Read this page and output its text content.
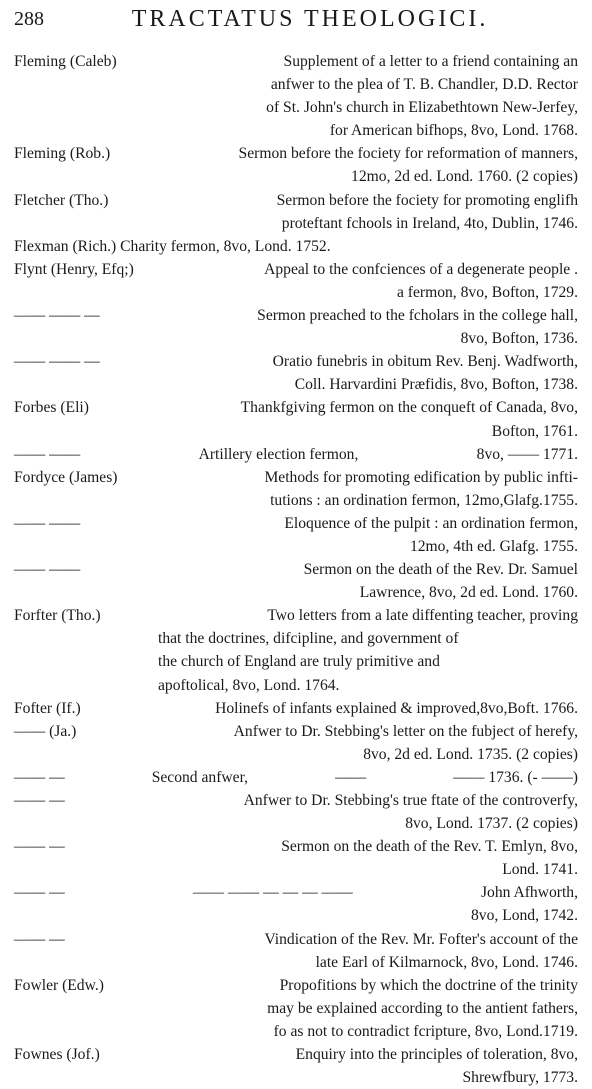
288	TRACTATUS THEOLOGICI.
Fleming (Caleb)	Supplement of a letter to a friend containing an
anfwer to the plea of T. B. Chandler, D.D. Rector
of St. John's church in Elizabethtown New-Jerfey,
for American bifhops, 8vo, Lond. 1768.
Fleming (Rob.)	Sermon before the fociety for reformation of manners,
12mo, 2d ed. Lond. 1760. (2 copies)
Fletcher (Tho.)	Sermon before the fociety for promoting englifh
proteftant fchools in Ireland, 4to, Dublin, 1746.
Flexman (Rich.) Charity fermon, 8vo, Lond. 1752.
Flynt (Henry, Efq;)	Appeal to the confciences of a degenerate people .
a fermon, 8vo, Bofton, 1729.
—— —— —	Sermon preached to the fcholars in the college hall,
8vo, Bofton, 1736.
—— —— —	Oratio funebris in obitum Rev. Benj. Wadfworth,
Coll. Harvardini Præfidis, 8vo, Bofton, 1738.
Forbes (Eli)	Thankfgiving fermon on the conqueft of Canada, 8vo,
Bofton, 1761.
—— ——	Artillery election fermon,	8vo, —— 1771.
Fordyce (James)	Methods for promoting edification by public infti-
tutions : an ordination fermon, 12mo,Glafg.1755.
—— ——	Eloquence of the pulpit : an ordination fermon,
12mo, 4th ed. Glafg. 1755.
—— ——	Sermon on the death of the Rev. Dr. Samuel
Lawrence, 8vo, 2d ed. Lond. 1760.
Forfter (Tho.)	Two letters from a late diffenting teacher, proving
that the doctrines, difcipline, and government of
the church of England are truly primitive and
apoftolical, 8vo, Lond. 1764.
Fofter (If.)	Holinefs of infants explained & improved,8vo,Boft. 1766.
—— (Ja.)	Anfwer to Dr. Stebbing's letter on the fubject of herefy,
8vo, 2d ed. Lond. 1735. (2 copies)
—— —	Second anfwer,	——	—— 1736. (- ——)
—— —	Anfwer to Dr. Stebbing's true ftate of the controverfy,
8vo, Lond. 1737. (2 copies)
—— —	Sermon on the death of the Rev. T. Emlyn, 8vo,
Lond. 1741.
—— —	—— —— — — — ——	John Afhworth,
8vo, Lond, 1742.
—— —	Vindication of the Rev. Mr. Fofter's account of the
late Earl of Kilmarnock, 8vo, Lond. 1746.
Fowler (Edw.)	Propofitions by which the doctrine of the trinity
may be explained according to the antient fathers,
fo as not to contradict fcripture, 8vo, Lond.1719.
Fownes (Jof.)	Enquiry into the principles of toleration, 8vo,
Shrewfbury, 1773.
